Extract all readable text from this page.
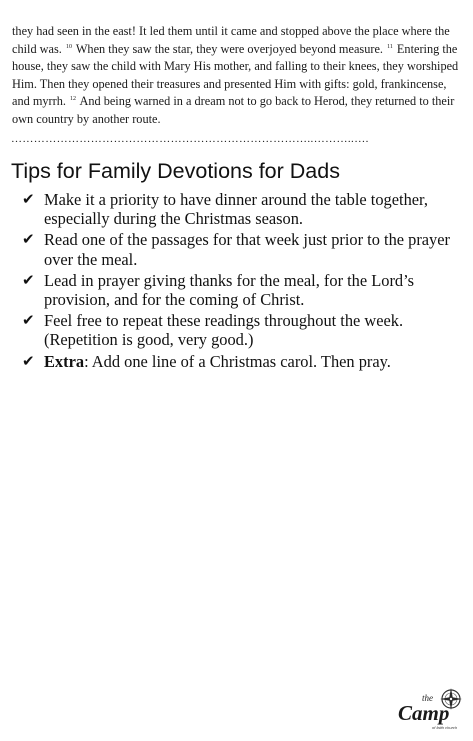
they had seen in the east! It led them until it came and stopped above the place where the child was. $^{10}$ When they saw the star, they were overjoyed beyond measure. $^{11}$ Entering the house, they saw the child with Mary His mother, and falling to their knees, they worshiped Him. Then they opened their treasures and presented Him with gifts: gold, frankincense, and myrrh. $^{12}$ And being warned in a dream not to go back to Herod, they returned to their own country by another route.

……………………………………………………………………..………..….
Tips for Family Devotions for Dads
✔ Make it a priority to have dinner around the table together, especially during the Christmas season.
✔ Read one of the passages for that week just prior to the prayer over the meal.
✔ Lead in prayer giving thanks for the meal, for the Lord’s provision, and for the coming of Christ.
✔ Feel free to repeat these readings throughout the week. (Repetition is good, very good.)
✔ Extra: Add one line of a Christmas carol. Then pray.
the
Camp
of faith church
